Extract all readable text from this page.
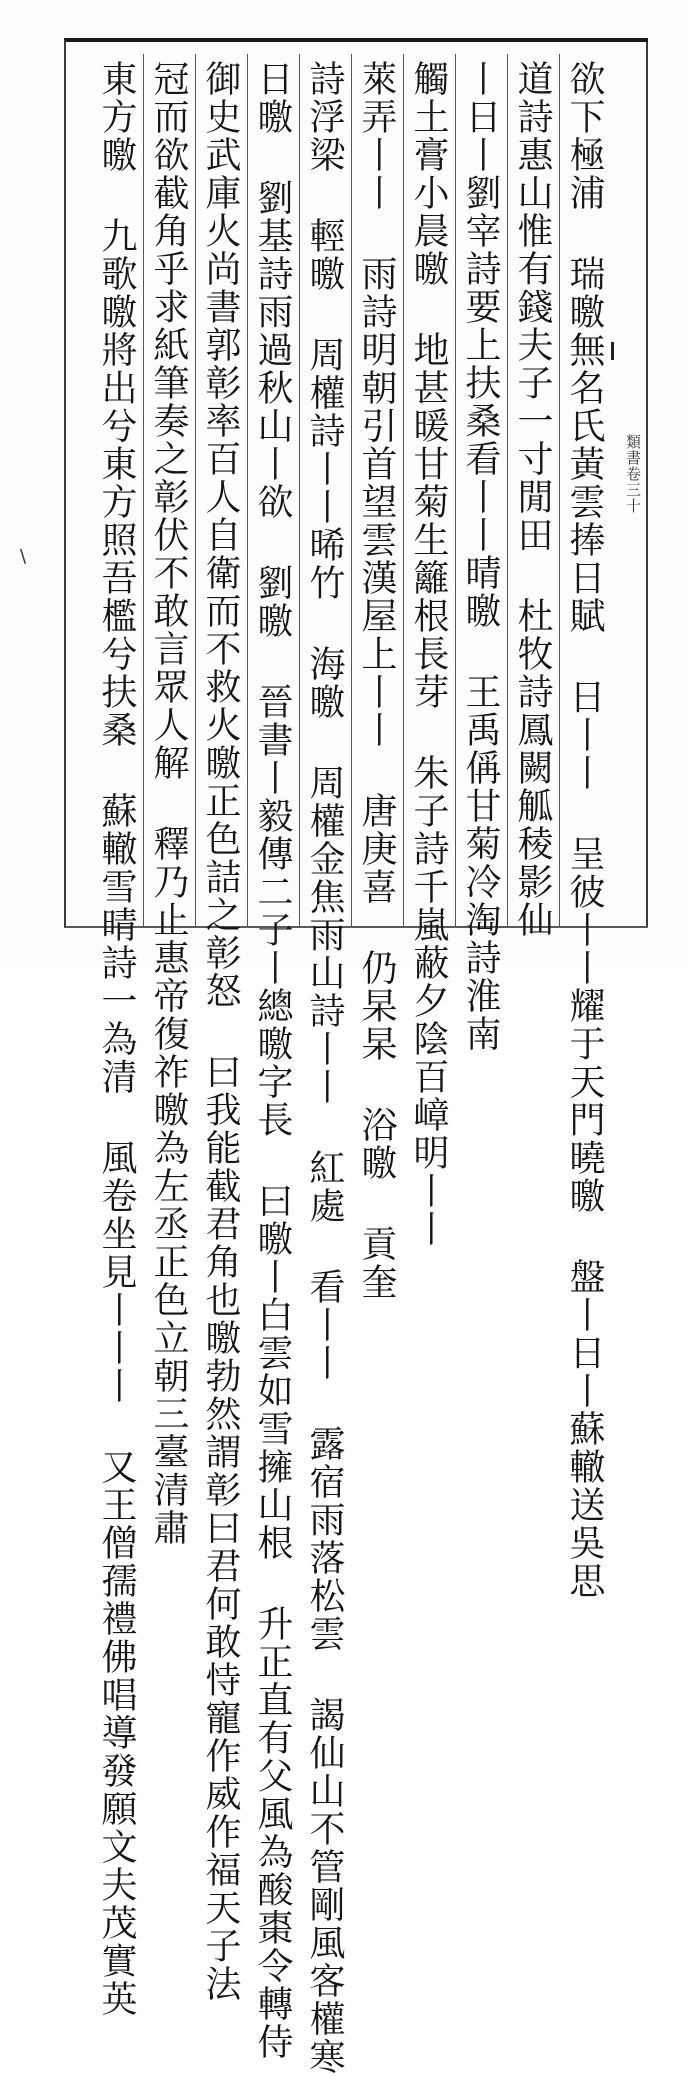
類書卷三十
欲下極浦 瑞曒無名氏黃雲捧日賦 日丨丨 呈彼丨丨耀于天門曉曒 盤丨日丨蘇轍送吳思
道詩惠山惟有錢夫子一寸閒田 杜牧詩鳳闕觚稜影仙
丨日丨劉宰詩要上扶桑看丨丨晴曒 王禹偁甘菊冷淘詩淮南
觸土膏小晨曒 地甚暖甘菊生籬根長芽 朱子詩千嵐蔽夕陰百嶂明丨丨
萊弄丨丨 雨詩明朝引首望雲漢屋上丨丨 唐庚喜 仍杲杲 浴曒 貢奎
詩浮梁 輕曒 周權詩丨丨晞竹 海曒 周權金焦雨山詩丨丨 紅處 看丨丨 露宿雨落松雲 謁仙山不管剛風客權寒
日曒 劉基詩雨過秋山丨欲 劉曒 晉書丨毅傳二子丨總曒字長 曰曒丨白雲如雪擁山根 升正直有父風為酸棗令轉侍
御史武庫火尚書郭彰率百人自衛而不救火曒正色詰之彰怒 曰我能截君角也曒勃然謂彰曰君何敢恃寵作威作福天子法
冠而欲截角乎求紙筆奏之彰伏不敢言眾人解 釋乃止惠帝復祚曒為左丞正色立朝三臺清肅
東方曒 九歌曒將出兮東方照吾檻兮扶桑 蘇轍雪晴詩一為清 風卷坐見丨丨丨 又王僧孺禮佛唱導發願文夫茂實英
\
